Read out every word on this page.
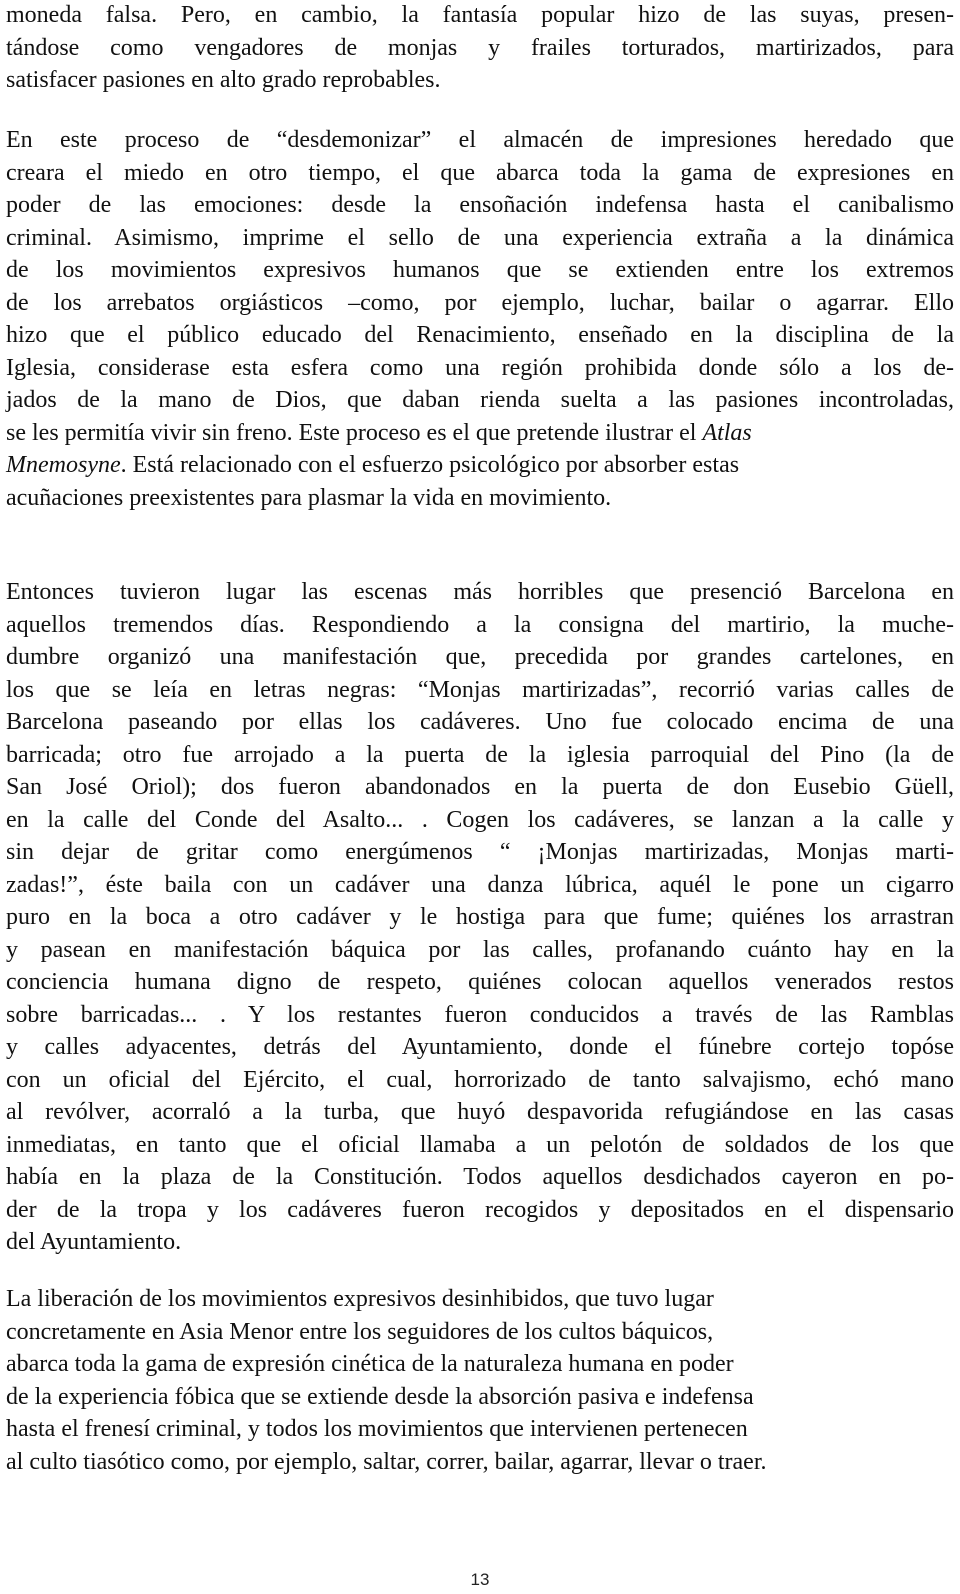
moneda falsa. Pero, en cambio, la fantasía popular hizo de las suyas, presen-
tándose como vengadores de monjas y frailes torturados, martirizados, para
satisfacer pasiones en alto grado reprobables.

En este proceso de “desdemonizar” el almacén de impresiones heredado que
creara el miedo en otro tiempo, el que abarca toda la gama de expresiones en
poder de las emociones: desde la ensoñación indefensa hasta el canibalismo
criminal. Asimismo, imprime el sello de una experiencia extraña a la dinámica
de los movimientos expresivos humanos que se extienden entre los extremos
de los arrebatos orgiásticos –como, por ejemplo, luchar, bailar o agarrar. Ello
hizo que el público educado del Renacimiento, enseñado en la disciplina de la
Iglesia, considerase esta esfera como una región prohibida donde sólo a los de-
jados de la mano de Dios, que daban rienda suelta a las pasiones incontroladas,
se les permitía vivir sin freno. Este proceso es el que pretende ilustrar el Atlas
Mnemosyne. Está relacionado con el esfuerzo psicológico por absorber estas
acuñaciones preexistentes para plasmar la vida en movimiento.

Entonces tuvieron lugar las escenas más horribles que presenció Barcelona en
aquellos tremendos días. Respondiendo a la consigna del martirio, la muche-
dumbre organizó una manifestación que, precedida por grandes cartelones, en
los que se leía en letras negras: “Monjas martirizadas”, recorrió varias calles de
Barcelona paseando por ellas los cadáveres. Uno fue colocado encima de una
barricada; otro fue arrojado a la puerta de la iglesia parroquial del Pino (la de
San José Oriol); dos fueron abandonados en la puerta de don Eusebio Güell,
en la calle del Conde del Asalto... . Cogen los cadáveres, se lanzan a la calle y
sin dejar de gritar como energúmenos “ ¡Monjas martirizadas, Monjas marti-
zadas!”, éste baila con un cadáver una danza lúbrica, aquél le pone un cigarro
puro en la boca a otro cadáver y le hostiga para que fume; quiénes los arrastran
y pasean en manifestación báquica por las calles, profanando cuánto hay en la
conciencia humana digno de respeto, quiénes colocan aquellos venerados restos
sobre barricadas... . Y los restantes fueron conducidos a través de las Ramblas
y calles adyacentes, detrás del Ayuntamiento, donde el fúnebre cortejo topóse
con un oficial del Ejército, el cual, horrorizado de tanto salvajismo, echó mano
al revólver, acorraló a la turba, que huyó despavorida refugiándose en las casas
inmediatas, en tanto que el oficial llamaba a un pelotón de soldados de los que
había en la plaza de la Constitución. Todos aquellos desdichados cayeron en po-
der de la tropa y los cadáveres fueron recogidos y depositados en el dispensario
del Ayuntamiento.

La liberación de los movimientos expresivos desinhibidos, que tuvo lugar
concretamente en Asia Menor entre los seguidores de los cultos báquicos,
abarca toda la gama de expresión cinética de la naturaleza humana en poder
de la experiencia fóbica que se extiende desde la absorción pasiva e indefensa
hasta el frenesí criminal, y todos los movimientos que intervienen pertenecen
al culto tiasótico como, por ejemplo, saltar, correr, bailar, agarrar, llevar o traer.

13
